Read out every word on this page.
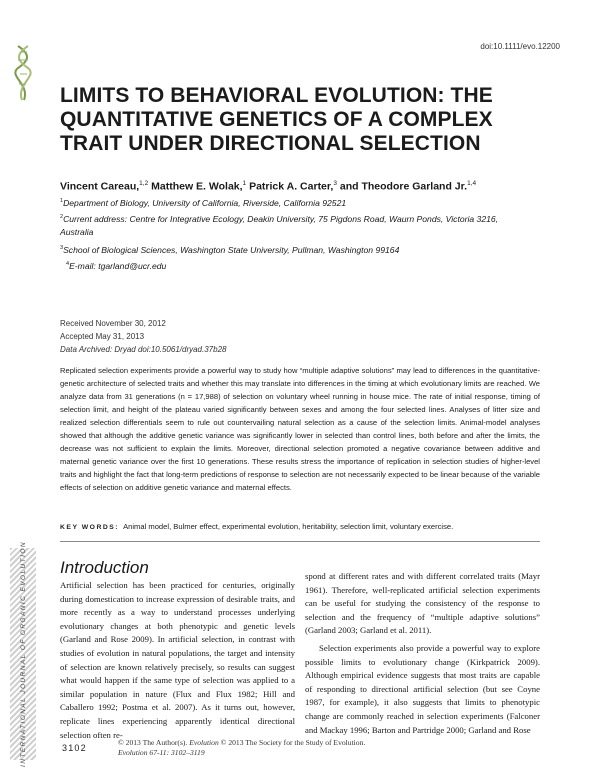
doi:10.1111/evo.12200
LIMITS TO BEHAVIORAL EVOLUTION: THE
QUANTITATIVE GENETICS OF A COMPLEX
TRAIT UNDER DIRECTIONAL SELECTION
Vincent Careau,$^{1,2}$ Matthew E. Wolak,$^1$ Patrick A. Carter,$^3$ and Theodore Garland Jr.$^{1,4}$
$^1$Department of Biology, University of California, Riverside, California 92521
$^2$Current address: Centre for Integrative Ecology, Deakin University, 75 Pigdons Road, Waurn Ponds, Victoria 3216,
Australia
$^3$School of Biological Sciences, Washington State University, Pullman, Washington 99164
$^4$E-mail: tgarland@ucr.edu
Received November 30, 2012
Accepted May 31, 2013
Data Archived: Dryad doi:10.5061/dryad.37b28
Replicated selection experiments provide a powerful way to study how “multiple adaptive solutions” may lead to differences in the quantitative-genetic architecture of selected traits and whether this may translate into differences in the timing at which evolutionary limits are reached. We analyze data from 31 generations (n = 17,988) of selection on voluntary wheel running in house mice. The rate of initial response, timing of selection limit, and height of the plateau varied significantly between sexes and among the four selected lines. Analyses of litter size and realized selection differentials seem to rule out countervailing natural selection as a cause of the selection limits. Animal-model analyses showed that although the additive genetic variance was significantly lower in selected than control lines, both before and after the limits, the decrease was not sufficient to explain the limits. Moreover, directional selection promoted a negative covariance between additive and maternal genetic variance over the first 10 generations. These results stress the importance of replication in selection studies of higher-level traits and highlight the fact that long-term predictions of response to selection are not necessarily expected to be linear because of the variable effects of selection on additive genetic variance and maternal effects.
KEY WORDS: Animal model, Bulmer effect, experimental evolution, heritability, selection limit, voluntary exercise.
INTERNATIONAL JOURNAL OF ORGANIC EVOLUTION	Introduction

Artificial selection has been practiced for centuries, originally during domestication to increase expression of desirable traits, and more recently as a way to understand processes underlying evolutionary changes at both phenotypic and genetic levels (Garland and Rose 2009). In artificial selection, in contrast with studies of evolution in natural populations, the target and intensity of selection are known relatively precisely, so results can suggest what would happen if the same type of selection was applied to a similar population in nature (Flux and Flux 1982; Hill and Caballero 1992; Postma et al. 2007). As it turns out, however, replicate lines experiencing apparently identical directional selection often re-

spond at different rates and with different correlated traits (Mayr 1961). Therefore, well-replicated artificial selection experiments can be useful for studying the consistency of the response to selection and the frequency of “multiple adaptive solutions” (Garland 2003; Garland et al. 2011).

Selection experiments also provide a powerful way to explore possible limits to evolutionary change (Kirkpatrick 2009). Although empirical evidence suggests that most traits are capable of responding to directional artificial selection (but see Coyne 1987, for example), it also suggests that limits to phenotypic change are commonly reached in selection experiments (Falconer and Mackay 1996; Barton and Partridge 2000; Garland and Rose

3102
© 2013 The Author(s). Evolution © 2013 The Society for the Study of Evolution.
Evolution 67-11: 3102–3119
